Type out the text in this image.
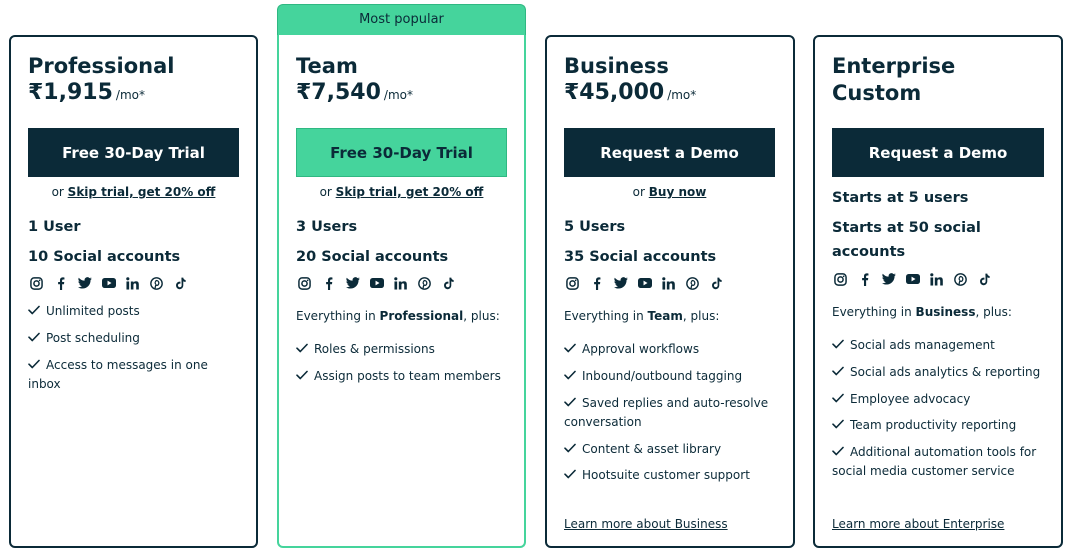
Most popular
Professional
₹1,915 /mo*
Free 30-Day Trial
or Skip trial, get 20% off
1 User
10 Social accounts
Unlimited posts
Post scheduling
Access to messages in one inbox
Team
₹7,540 /mo*
Free 30-Day Trial
or Skip trial, get 20% off
3 Users
20 Social accounts
Everything in Professional, plus:
Roles & permissions
Assign posts to team members
Business
₹45,000 /mo*
Request a Demo
or Buy now
5 Users
35 Social accounts
Everything in Team, plus:
Approval workflows
Inbound/outbound tagging
Saved replies and auto-resolve conversation
Content & asset library
Hootsuite customer support
Learn more about Business
Enterprise
Custom
Request a Demo
Starts at 5 users
Starts at 50 social accounts
Everything in Business, plus:
Social ads management
Social ads analytics & reporting
Employee advocacy
Team productivity reporting
Additional automation tools for social media customer service
Learn more about Enterprise
